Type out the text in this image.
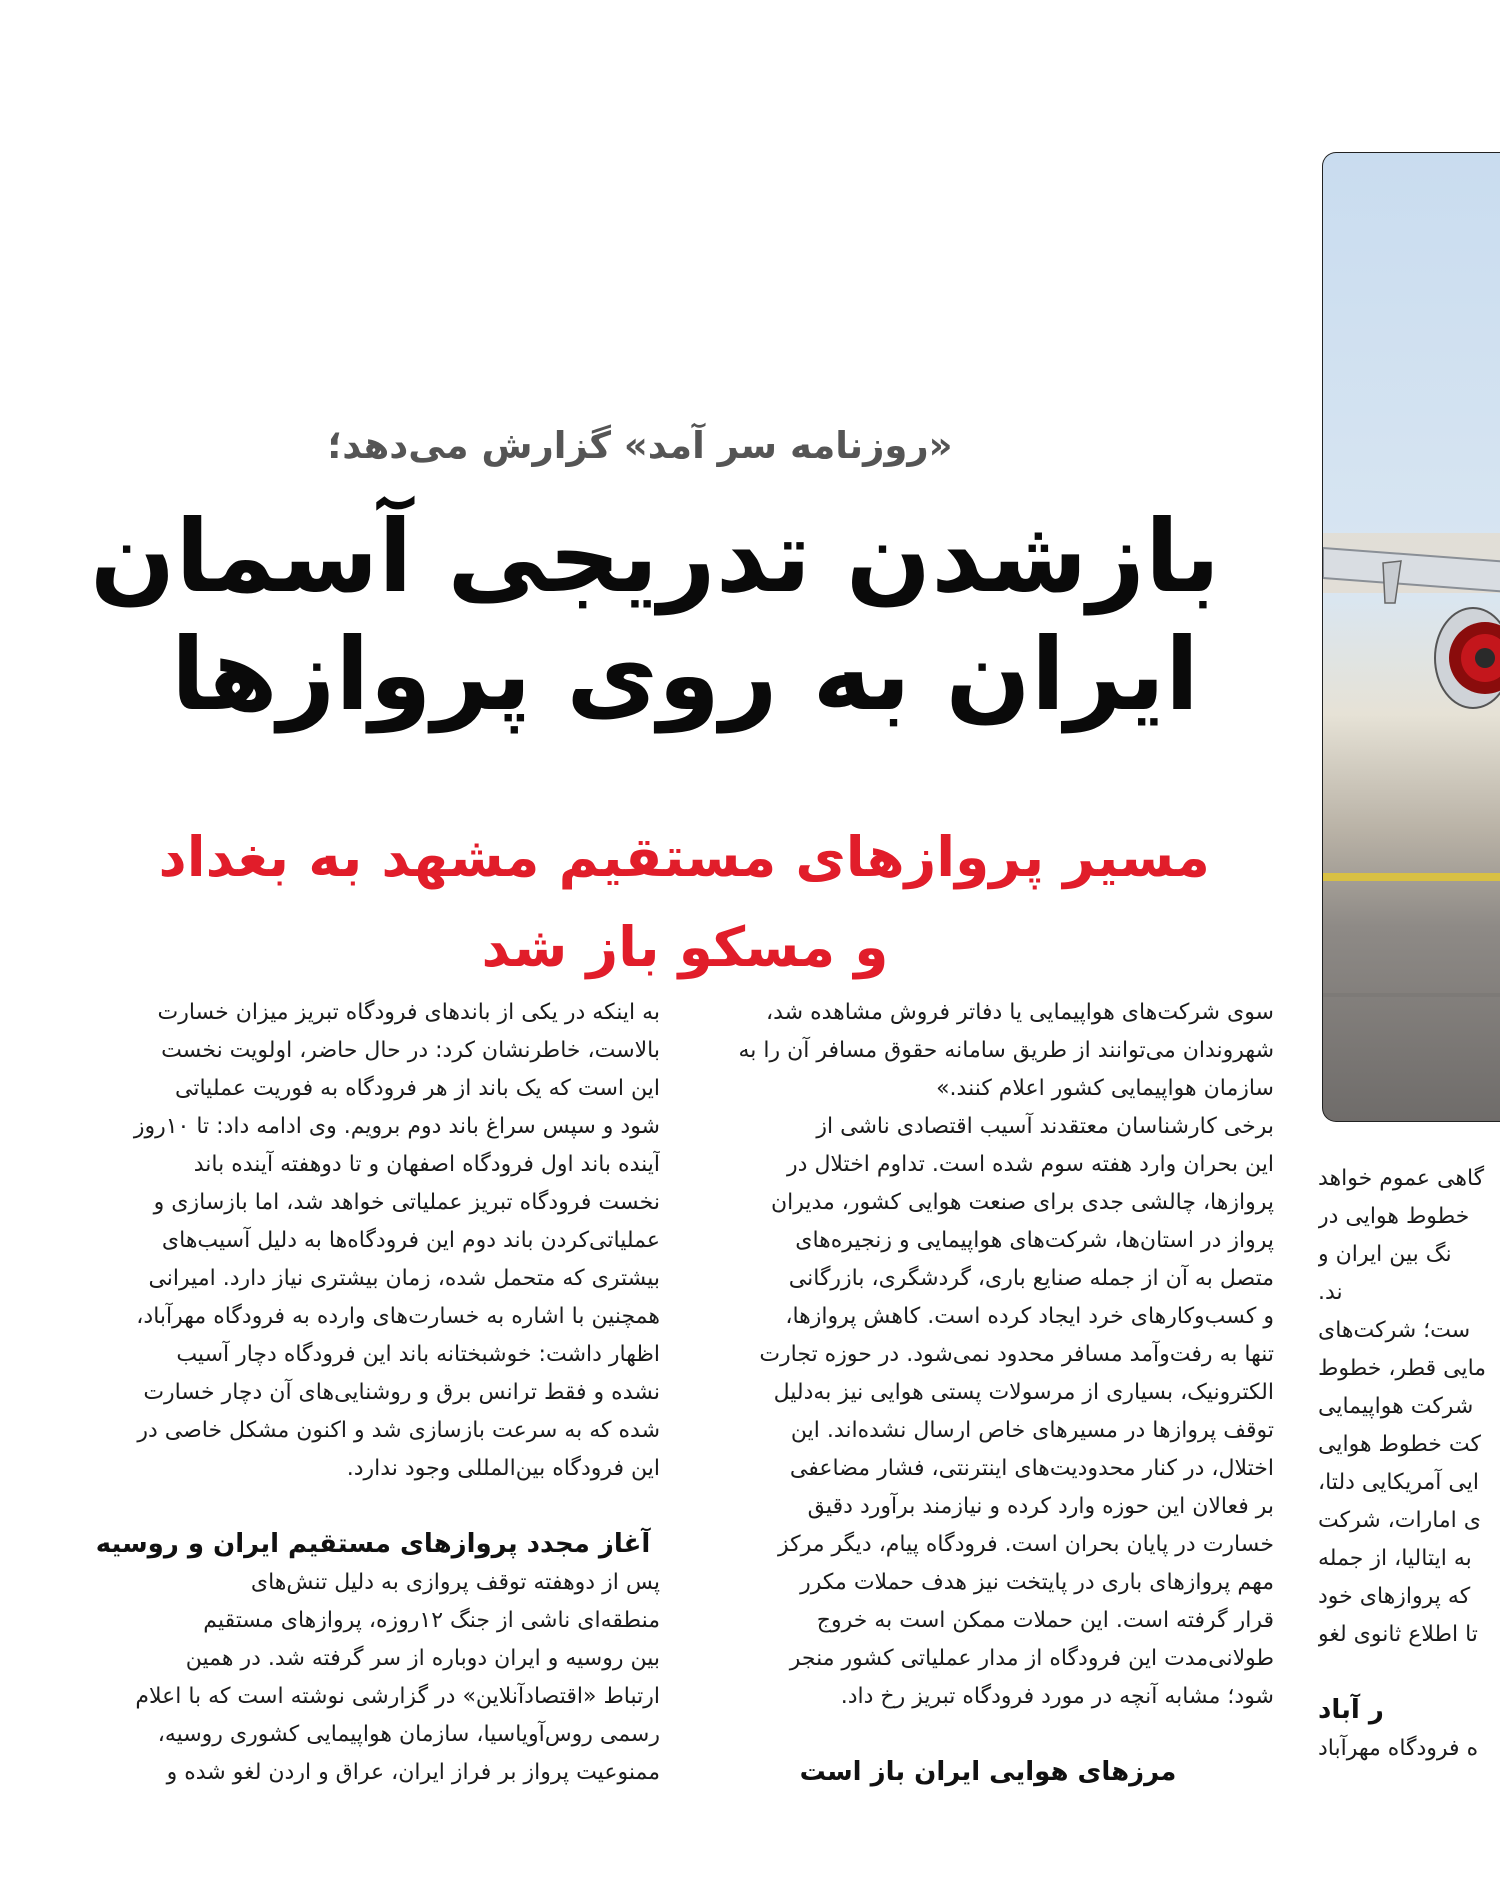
«روزنامه سر آمد» گزارش می‌دهد؛
بازشدن تدریجی آسمان
ایران به روی پروازها
مسیر پروازهای مستقیم مشهد به بغداد
و مسکو باز شد
سوی شرکت‌های هواپیمایی یا دفاتر فروش مشاهده شد،
شهروندان می‌توانند از طریق سامانه حقوق مسافر آن را به
سازمان هواپیمایی کشور اعلام کنند.»
برخی کارشناسان معتقدند آسیب اقتصادی ناشی از
این بحران وارد هفته سوم شده است. تداوم اختلال در
پروازها، چالشی جدی برای صنعت هوایی کشور، مدیران
پرواز در استان‌ها، شرکت‌های هواپیمایی و زنجیره‌های
متصل به آن از جمله صنایع باری، گردشگری، بازرگانی
و کسب‌وکارهای خرد ایجاد کرده است. کاهش پروازها،
تنها به رفت‌وآمد مسافر محدود نمی‌شود. در حوزه تجارت
الکترونیک، بسیاری از مرسولات پستی هوایی نیز به‌دلیل
توقف پروازها در مسیرهای خاص ارسال نشده‌اند. این
اختلال، در کنار محدودیت‌های اینترنتی، فشار مضاعفی
بر فعالان این حوزه وارد کرده و نیازمند برآورد دقیق
خسارت در پایان بحران است. فرودگاه پیام، دیگر مرکز
مهم پروازهای باری در پایتخت نیز هدف حملات مکرر
قرار گرفته است. این حملات ممکن است به خروج
طولانی‌مدت این فرودگاه از مدار عملیاتی کشور منجر
شود؛ مشابه آنچه در مورد فرودگاه تبریز رخ داد.
مرزهای هوایی ایران باز است
به اینکه در یکی از باندهای فرودگاه تبریز میزان خسارت
بالاست، خاطرنشان کرد: در حال حاضر، اولویت نخست
این است که یک باند از هر فرودگاه به فوریت عملیاتی
شود و سپس سراغ باند دوم برویم. وی ادامه داد: تا ۱۰روز
آینده باند اول فرودگاه اصفهان و تا دوهفته آینده باند
نخست فرودگاه تبریز عملیاتی خواهد شد، اما بازسازی و
عملیاتی‌کردن باند دوم این فرودگاه‌ها به دلیل آسیب‌های
بیشتری که متحمل شده، زمان بیشتری نیاز دارد. امیرانی
همچنین با اشاره به خسارت‌های وارده به فرودگاه مهرآباد،
اظهار داشت: خوشبختانه باند این فرودگاه دچار آسیب
نشده و فقط ترانس برق و روشنایی‌های آن دچار خسارت
شده که به سرعت بازسازی شد و اکنون مشکل خاصی در
این فرودگاه بین‌المللی وجود ندارد.
آغاز مجدد پروازهای مستقیم ایران و روسیه
پس از دوهفته توقف پروازی به دلیل تنش‌های
منطقه‌ای ناشی از جنگ ۱۲روزه، پروازهای مستقیم
بین روسیه و ایران دوباره از سر گرفته شد. در همین
ارتباط «اقتصادآنلاین» در گزارشی نوشته است که با اعلام
رسمی روس‌آویاسیا، سازمان هواپیمایی کشوری روسیه،
ممنوعیت پرواز بر فراز ایران، عراق و اردن لغو شده و
گاهی عموم خواهد
خطوط هوایی در
نگ بین ایران و
ند.
ست؛ شرکت‌های
مایی قطر، خطوط
شرکت هواپیمایی
کت خطوط هوایی
ایی آمریکایی دلتا،
ی امارات، شرکت
به ایتالیا، از جمله
که پروازهای خود
تا اطلاع ثانوی لغو
ر آباد
ه فرودگاه مهرآباد
